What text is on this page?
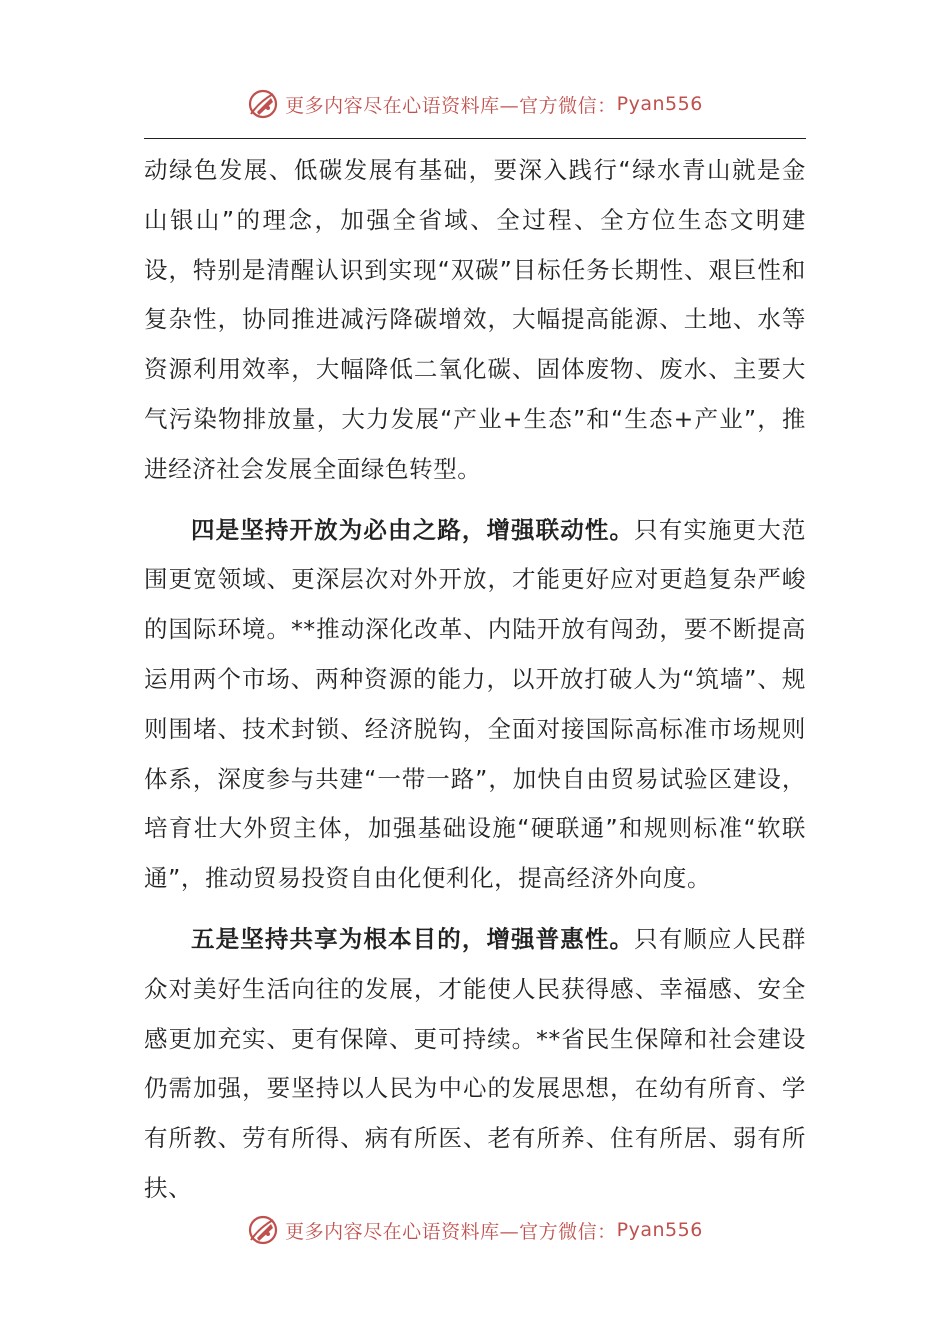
更多内容尽在心语资料库—官方微信： Pyan556

动绿色发展、低碳发展有基础，要深入践行“绿水青山就是金山银山”的理念，加强全省域、全过程、全方位生态文明建设，特别是清醒认识到实现“双碳”目标任务长期性、艰巨性和复杂性，协同推进减污降碳增效，大幅提高能源、土地、水等资源利用效率，大幅降低二氧化碳、固体废物、废水、主要大气污染物排放量，大力发展“产业+生态”和“生态+产业”，推进经济社会发展全面绿色转型。

四是坚持开放为必由之路，增强联动性。只有实施更大范围更宽领域、更深层次对外开放，才能更好应对更趋复杂严峻的国际环境。**推动深化改革、内陆开放有闯劲，要不断提高运用两个市场、两种资源的能力，以开放打破人为“筑墙”、规则围堵、技术封锁、经济脱钩，全面对接国际高标准市场规则体系，深度参与共建“一带一路”，加快自由贸易试验区建设，培育壮大外贸主体，加强基础设施“硬联通”和规则标准“软联通”，推动贸易投资自由化便利化，提高经济外向度。

五是坚持共享为根本目的，增强普惠性。只有顺应人民群众对美好生活向往的发展，才能使人民获得感、幸福感、安全感更加充实、更有保障、更可持续。**省民生保障和社会建设仍需加强，要坚持以人民为中心的发展思想，在幼有所育、学有所教、劳有所得、病有所医、老有所养、住有所居、弱有所扶、

更多内容尽在心语资料库—官方微信： Pyan556
